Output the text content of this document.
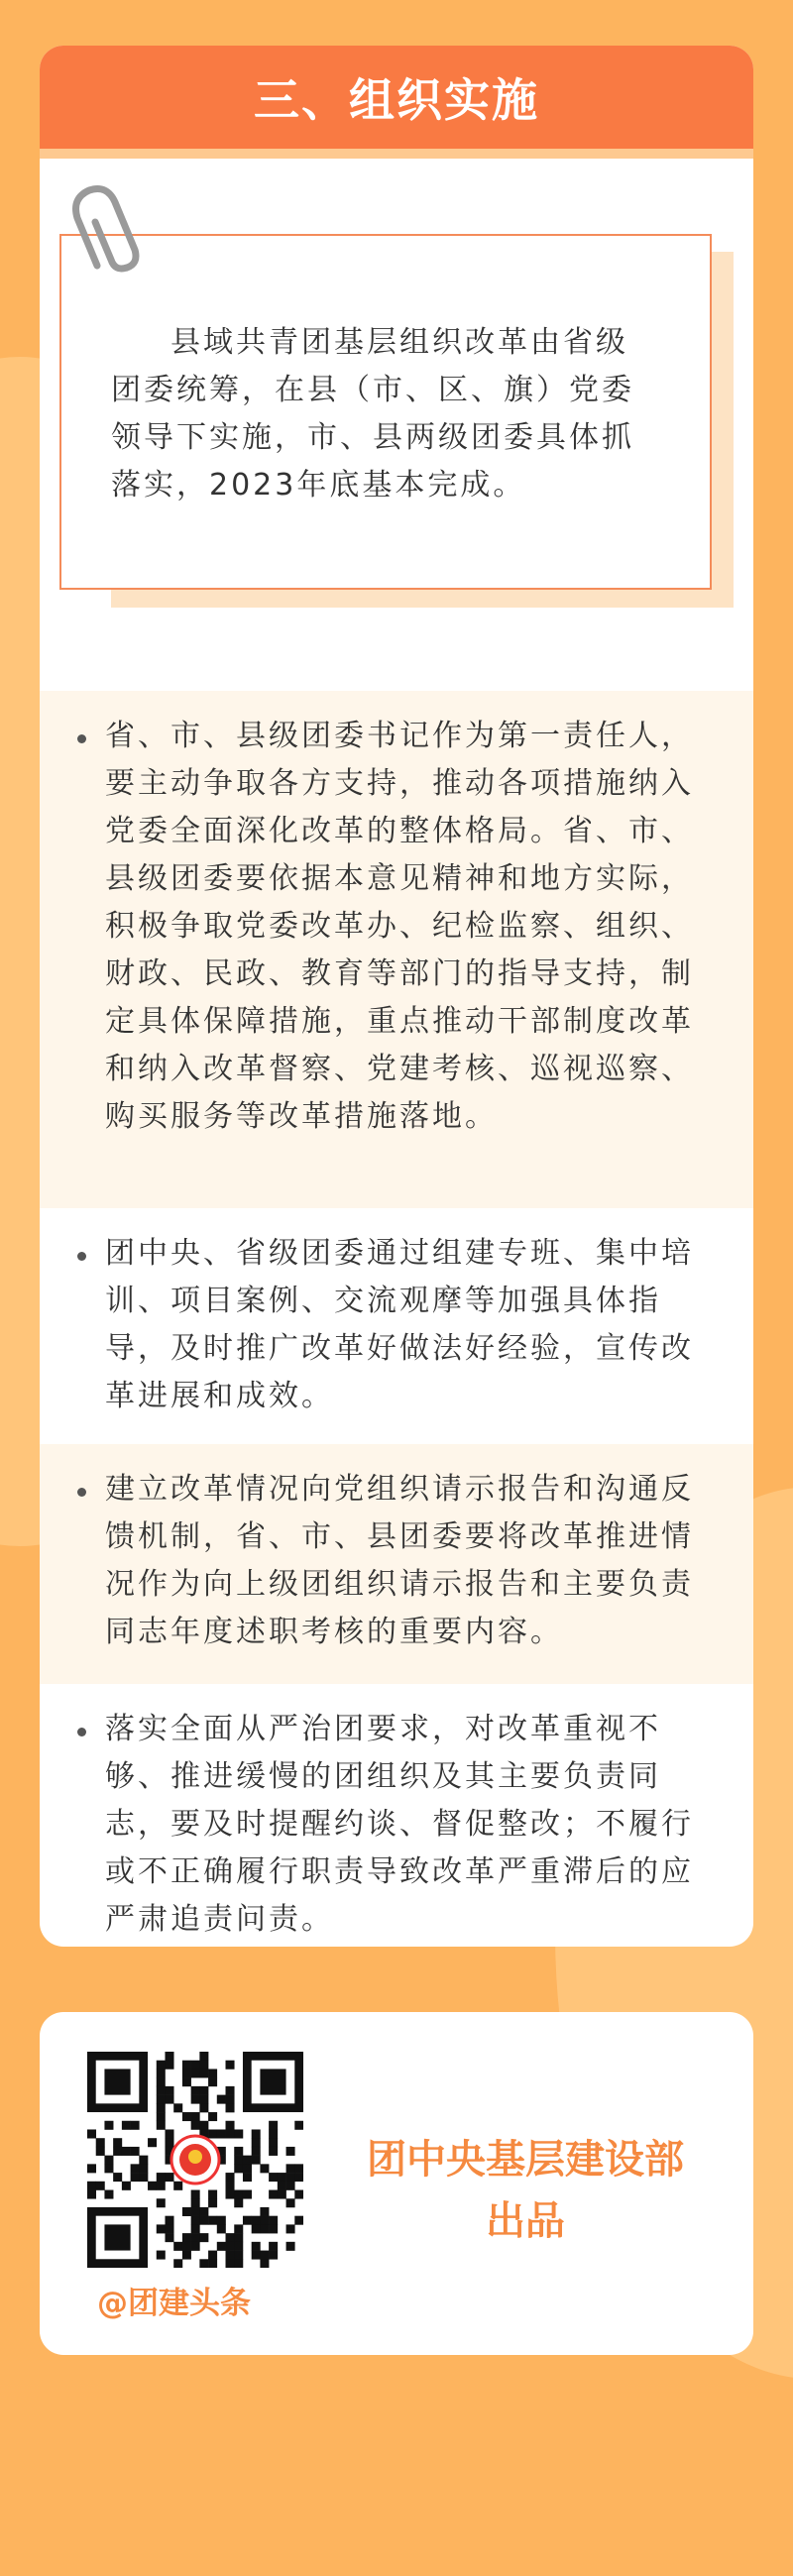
三、组织实施

县域共青团基层组织改革由省级团委统筹，在县（市、区、旗）党委领导下实施，市、县两级团委具体抓落实，2023年底基本完成。

省、市、县级团委书记作为第一责任人，要主动争取各方支持，推动各项措施纳入党委全面深化改革的整体格局。省、市、县级团委要依据本意见精神和地方实际，积极争取党委改革办、纪检监察、组织、财政、民政、教育等部门的指导支持，制定具体保障措施，重点推动干部制度改革和纳入改革督察、党建考核、巡视巡察、购买服务等改革措施落地。

团中央、省级团委通过组建专班、集中培训、项目案例、交流观摩等加强具体指导，及时推广改革好做法好经验，宣传改革进展和成效。

建立改革情况向党组织请示报告和沟通反馈机制，省、市、县团委要将改革推进情况作为向上级团组织请示报告和主要负责同志年度述职考核的重要内容。

落实全面从严治团要求，对改革重视不够、推进缓慢的团组织及其主要负责同志，要及时提醒约谈、督促整改；不履行或不正确履行职责导致改革严重滞后的应严肃追责问责。

@团建头条
团中央基层建设部
出品
